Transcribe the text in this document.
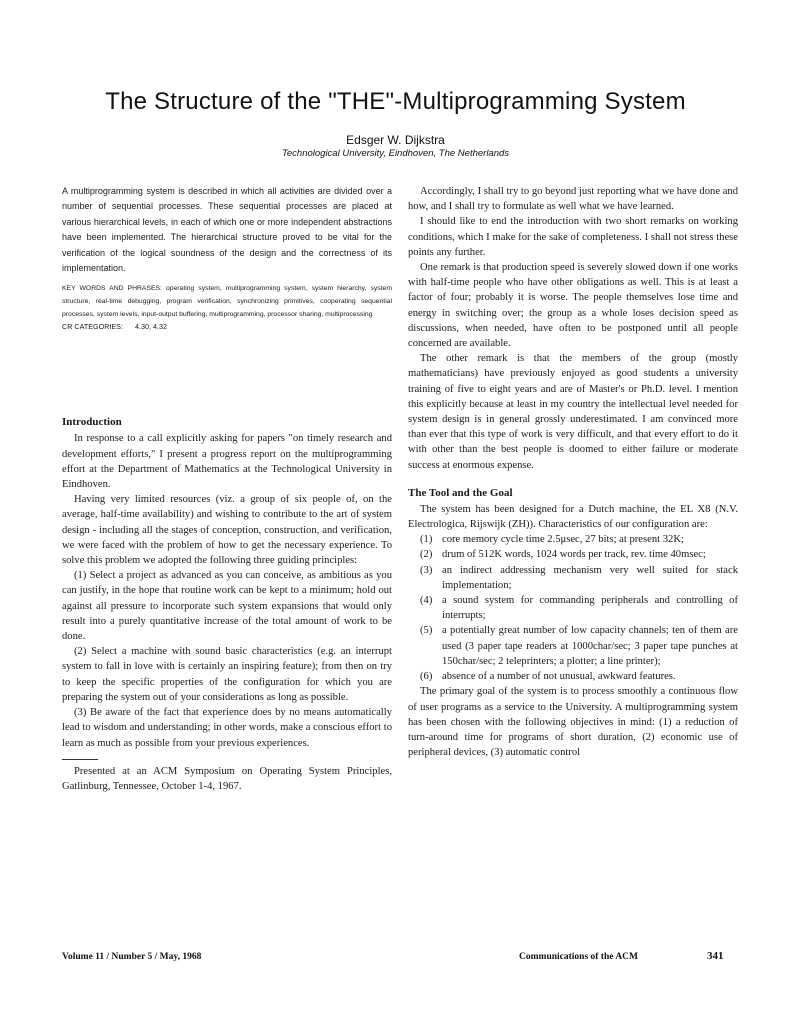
The Structure of the "THE"-Multiprogramming System
Edsger W. Dijkstra
Technological University, Eindhoven, The Netherlands

A multiprogramming system is described in which all activities are divided over a number of sequential processes. These sequential processes are placed at various hierarchical levels, in each of which one or more independent abstractions have been implemented. The hierarchical structure proved to be vital for the verification of the logical soundness of the design and the correctness of its implementation.

KEY WORDS AND PHRASES: operating system, multiprogramming system, system hierarchy, system structure, real-time debugging, program verification, synchronizing primitives, cooperating sequential processes, system levels, input-output buffering, multiprogramming, processor sharing, multiprocessing

CR CATEGORIES: 4.30, 4.32

Introduction

In response to a call explicitly asking for papers "on timely research and development efforts," I present a progress report on the multiprogramming effort at the Department of Mathematics at the Technological University in Eindhoven.

Having very limited resources (viz. a group of six people of, on the average, half-time availability) and wishing to contribute to the art of system design - including all the stages of conception, construction, and verification, we were faced with the problem of how to get the necessary experience. To solve this problem we adopted the following three guiding principles:

(1) Select a project as advanced as you can conceive, as ambitious as you can justify, in the hope that routine work can be kept to a minimum; hold out against all pressure to incorporate such system expansions that would only result into a purely quantitative increase of the total amount of work to be done.

(2) Select a machine with sound basic characteristics (e.g. an interrupt system to fall in love with is certainly an inspiring feature); from then on try to keep the specific properties of the configuration for which you are preparing the system out of your considerations as long as possible.

(3) Be aware of the fact that experience does by no means automatically lead to wisdom and understanding; in other words, make a conscious effort to learn as much as possible from your previous experiences.

Presented at an ACM Symposium on Operating System Principles, Gatlinburg, Tennessee, October 1-4, 1967.

Accordingly, I shall try to go beyond just reporting what we have done and how, and I shall try to formulate as well what we have learned.

I should like to end the introduction with two short remarks on working conditions, which I make for the sake of completeness. I shall not stress these points any further.

One remark is that production speed is severely slowed down if one works with half-time people who have other obligations as well. This is at least a factor of four; probably it is worse. The people themselves lose time and energy in switching over; the group as a whole loses decision speed as discussions, when needed, have often to be postponed until all people concerned are available.

The other remark is that the members of the group (mostly mathematicians) have previously enjoyed as good students a university training of five to eight years and are of Master's or Ph.D. level. I mention this explicitly because at least in my country the intellectual level needed for system design is in general grossly underestimated. I am convinced more than ever that this type of work is very difficult, and that every effort to do it with other than the best people is doomed to either failure or moderate success at enormous expense.

The Tool and the Goal

The system has been designed for a Dutch machine, the EL X8 (N.V. Electrologica, Rijswijk (ZH)). Characteristics of our configuration are:

(1) core memory cycle time 2.5μsec, 27 bits; at present 32K;
(2) drum of 512K words, 1024 words per track, rev. time 40msec;
(3) an indirect addressing mechanism very well suited for stack implementation;
(4) a sound system for commanding peripherals and controlling of interrupts;
(5) a potentially great number of low capacity channels; ten of them are used (3 paper tape readers at 1000char/sec; 3 paper tape punches at 150char/sec; 2 teleprinters; a plotter; a line printer);
(6) absence of a number of not unusual, awkward features.

The primary goal of the system is to process smoothly a continuous flow of user programs as a service to the University. A multiprogramming system has been chosen with the following objectives in mind: (1) a reduction of turn-around time for programs of short duration, (2) economic use of peripheral devices, (3) automatic control

Volume 11 / Number 5 / May, 1968	Communications of the ACM	341
